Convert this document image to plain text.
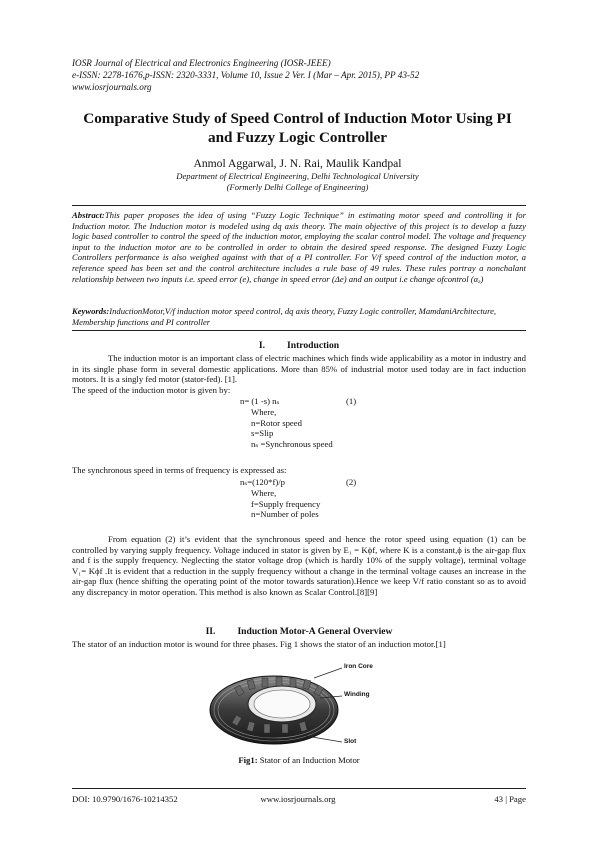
IOSR Journal of Electrical and Electronics Engineering (IOSR-JEEE)
e-ISSN: 2278-1676,p-ISSN: 2320-3331, Volume 10, Issue 2 Ver. I (Mar – Apr. 2015), PP 43-52
www.iosrjournals.org
Comparative Study of Speed Control of Induction Motor Using PI
and Fuzzy Logic Controller
Anmol Aggarwal, J. N. Rai, Maulik Kandpal
Department of Electrical Engineering, Delhi Technological University
(Formerly Delhi College of Engineering)
Abstract:This paper proposes the idea of using “Fuzzy Logic Technique” in estimating motor speed and controlling it for Induction motor. The Induction motor is modeled using dq axis theory. The main objective of this project is to develop a fuzzy logic based controller to control the speed of the induction motor, employing the scalar control model. The voltage and frequency input to the induction motor are to be controlled in order to obtain the desired speed response. The designed Fuzzy Logic Controllers performance is also weighed against with that of a PI controller. For V/f speed control of the induction motor, a reference speed has been set and the control architecture includes a rule base of 49 rules. These rules portray a nonchalant relationship between two inputs i.e. speed error (e), change in speed error (Δe) and an output i.e change ofcontrol (αₔ)
Keywords:InductionMotor,V/f induction motor speed control, dq axis theory, Fuzzy Logic controller, MamdaniArchitecture, Membership functions and PI controller
I. Introduction
The induction motor is an important class of electric machines which finds wide applicability as a motor in industry and in its single phase form in several domestic applications. More than 85% of industrial motor used today are in fact induction motors. It is a singly fed motor (stator-fed). [1].
The speed of the induction motor is given by:
n= (1 -s) nₛ
Where,
n=Rotor speed
s=Slip
nₛ =Synchronous speed
(1)
The synchronous speed in terms of frequency is expressed as:
nₛ=(120*f)/p
Where,
f=Supply frequency
n=Number of poles
(2)
From equation (2) it’s evident that the synchronous speed and hence the rotor speed using equation (1) can be controlled by varying supply frequency. Voltage induced in stator is given by E₁ = Kϕf, where K is a constant,ϕ is the air-gap flux and f is the supply frequency. Neglecting the stator voltage drop (which is hardly 10% of the supply voltage), terminal voltage V₁= Kϕf .It is evident that a reduction in the supply frequency without a change in the terminal voltage causes an increase in the air-gap flux (hence shifting the operating point of the motor towards saturation).Hence we keep V/f ratio constant so as to avoid any discrepancy in motor operation. This method is also known as Scalar Control.[8][9]
II. Induction Motor-A General Overview
The stator of an induction motor is wound for three phases. Fig 1 shows the stator of an induction motor.[1]
Iron Core
Winding
Slot
Fig1: Stator of an Induction Motor
DOI: 10.9790/1676-10214352	www.iosrjournals.org	43 | Page
